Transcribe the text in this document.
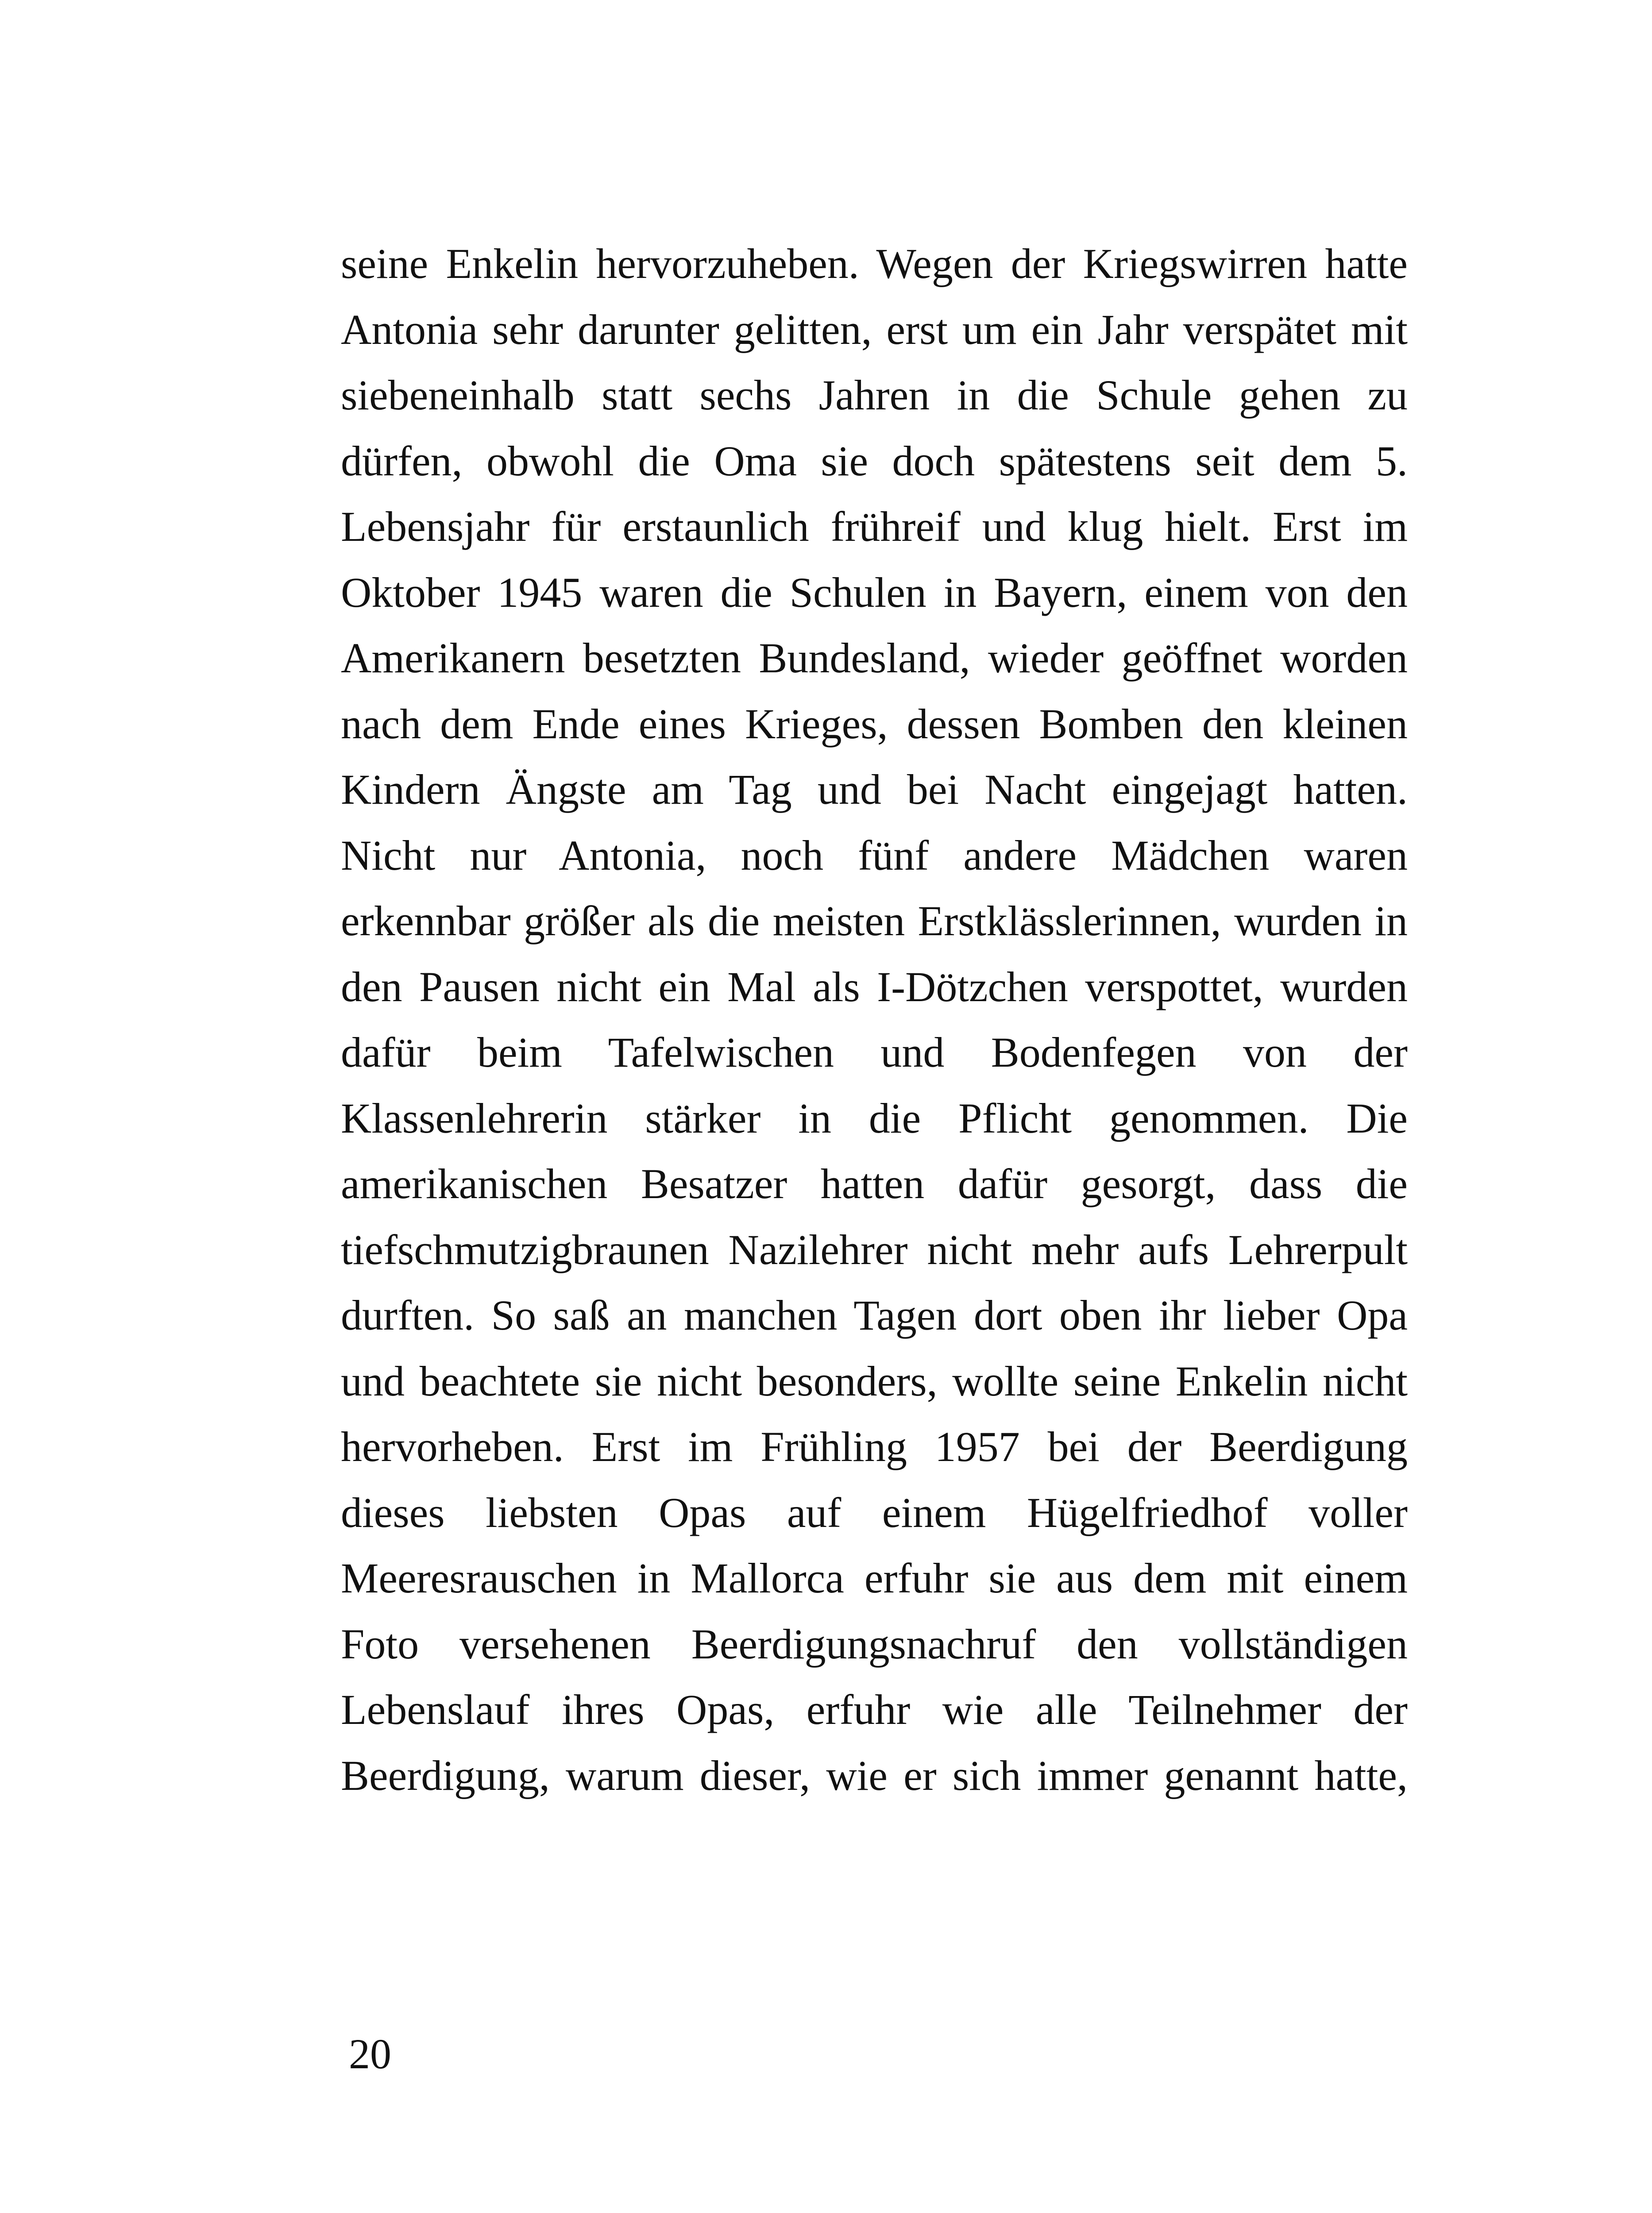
seine Enkelin hervorzuheben. Wegen der Kriegswirren hatte
Antonia sehr darunter gelitten, erst um ein Jahr verspätet mit
siebeneinhalb statt sechs Jahren in die Schule gehen zu
dürfen, obwohl die Oma sie doch spätestens seit dem 5.
Lebensjahr für erstaunlich frühreif und klug hielt. Erst im
Oktober 1945 waren die Schulen in Bayern, einem von den
Amerikanern besetzten Bundesland, wieder geöffnet worden
nach dem Ende eines Krieges, dessen Bomben den kleinen
Kindern Ängste am Tag und bei Nacht eingejagt hatten.
Nicht nur Antonia, noch fünf andere Mädchen waren
erkennbar größer als die meisten Erstklässlerinnen, wurden in
den Pausen nicht ein Mal als I-Dötzchen verspottet, wurden
dafür beim Tafelwischen und Bodenfegen von der
Klassenlehrerin stärker in die Pflicht genommen. Die
amerikanischen Besatzer hatten dafür gesorgt, dass die
tiefschmutzigbraunen Nazilehrer nicht mehr aufs Lehrerpult
durften. So saß an manchen Tagen dort oben ihr lieber Opa
und beachtete sie nicht besonders, wollte seine Enkelin nicht
hervorheben. Erst im Frühling 1957 bei der Beerdigung
dieses liebsten Opas auf einem Hügelfriedhof voller
Meeresrauschen in Mallorca erfuhr sie aus dem mit einem
Foto versehenen Beerdigungsnachruf den vollständigen
Lebenslauf ihres Opas, erfuhr wie alle Teilnehmer der
Beerdigung, warum dieser, wie er sich immer genannt hatte,
20
